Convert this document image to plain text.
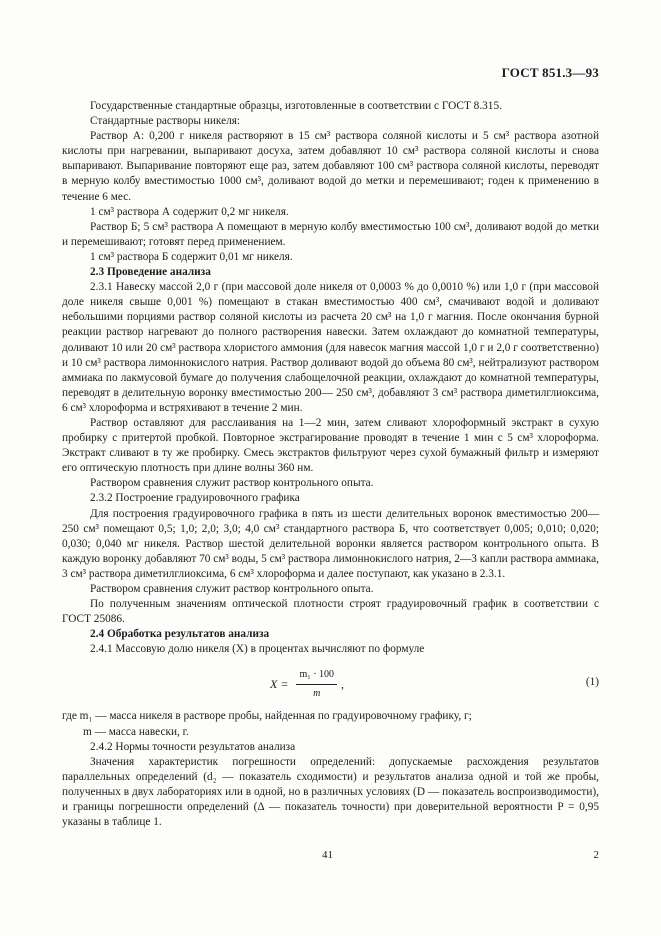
ГОСТ 851.3—93

Государственные стандартные образцы, изготовленные в соответствии с ГОСТ 8.315.

Стандартные растворы никеля:

Раствор А: 0,200 г никеля растворяют в 15 см³ раствора соляной кислоты и 5 см³ раствора азотной кислоты при нагревании, выпаривают досуха, затем добавляют 10 см³ раствора соляной кислоты и снова выпаривают. Выпаривание повторяют еще раз, затем добавляют 100 см³ раствора соляной кислоты, переводят в мерную колбу вместимостью 1000 см³, доливают водой до метки и перемешивают; годен к применению в течение 6 мес.

1 см³ раствора А содержит 0,2 мг никеля.

Раствор Б; 5 см³ раствора А помещают в мерную колбу вместимостью 100 см³, доливают водой до метки и перемешивают; готовят перед применением.

1 см³ раствора Б содержит 0,01 мг никеля.

2.3 Проведение анализа

2.3.1 Навеску массой 2,0 г (при массовой доле никеля от 0,0003 % до 0,0010 %) или 1,0 г (при массовой доле никеля свыше 0,001 %) помещают в стакан вместимостью 400 см³, смачивают водой и доливают небольшими порциями раствор соляной кислоты из расчета 20 см³ на 1,0 г магния. После окончания бурной реакции раствор нагревают до полного растворения навески. Затем охлаждают до комнатной температуры, доливают 10 или 20 см³ раствора хлористого аммония (для навесок магния массой 1,0 г и 2,0 г соответственно) и 10 см³ раствора лимоннокислого натрия. Раствор доливают водой до объема 80 см³, нейтрализуют раствором аммиака по лакмусовой бумаге до получения слабощелочной реакции, охлаждают до комнатной температуры, переводят в делительную воронку вместимостью 200— 250 см³, добавляют 3 см³ раствора диметилглиоксима, 6 см³ хлороформа и встряхивают в течение 2 мин.

Раствор оставляют для расслаивания на 1—2 мин, затем сливают хлороформный экстракт в сухую пробирку с притертой пробкой. Повторное экстрагирование проводят в течение 1 мин с 5 см³ хлороформа. Экстракт сливают в ту же пробирку. Смесь экстрактов фильтруют через сухой бумажный фильтр и измеряют его оптическую плотность при длине волны 360 нм.

Раствором сравнения служит раствор контрольного опыта.

2.3.2 Построение градуировочного графика

Для построения градуировочного графика в пять из шести делительных воронок вместимостью 200—250 см³ помещают 0,5; 1,0; 2,0; 3,0; 4,0 см³ стандартного раствора Б, что соответствует 0,005; 0,010; 0,020; 0,030; 0,040 мг никеля. Раствор шестой делительной воронки является раствором контрольного опыта. В каждую воронку добавляют 70 см³ воды, 5 см³ раствора лимоннокислого натрия, 2—3 капли раствора аммиака, 3 см³ раствора диметилглиоксима, 6 см³ хлороформа и далее поступают, как указано в 2.3.1.

Раствором сравнения служит раствор контрольного опыта.

По полученным значениям оптической плотности строят градуировочный график в соответствии с ГОСТ 25086.

2.4 Обработка результатов анализа

2.4.1 Массовую долю никеля (X) в процентах вычисляют по формуле

$X = \frac{\text{m₁ · 100}}{m}$ ,	(1)

где m₁ — масса никеля в растворе пробы, найденная по градуировочному графику, г;

m — масса навески, г.

2.4.2 Нормы точности результатов анализа

Значения характеристик погрешности определений: допускаемые расхождения результатов параллельных определений (d₂ — показатель сходимости) и результатов анализа одной и той же пробы, полученных в двух лабораториях или в одной, но в различных условиях (D — показатель воспроизводимости), и границы погрешности определений (Δ — показатель точности) при доверительной вероятности P = 0,95 указаны в таблице 1.

41	2
